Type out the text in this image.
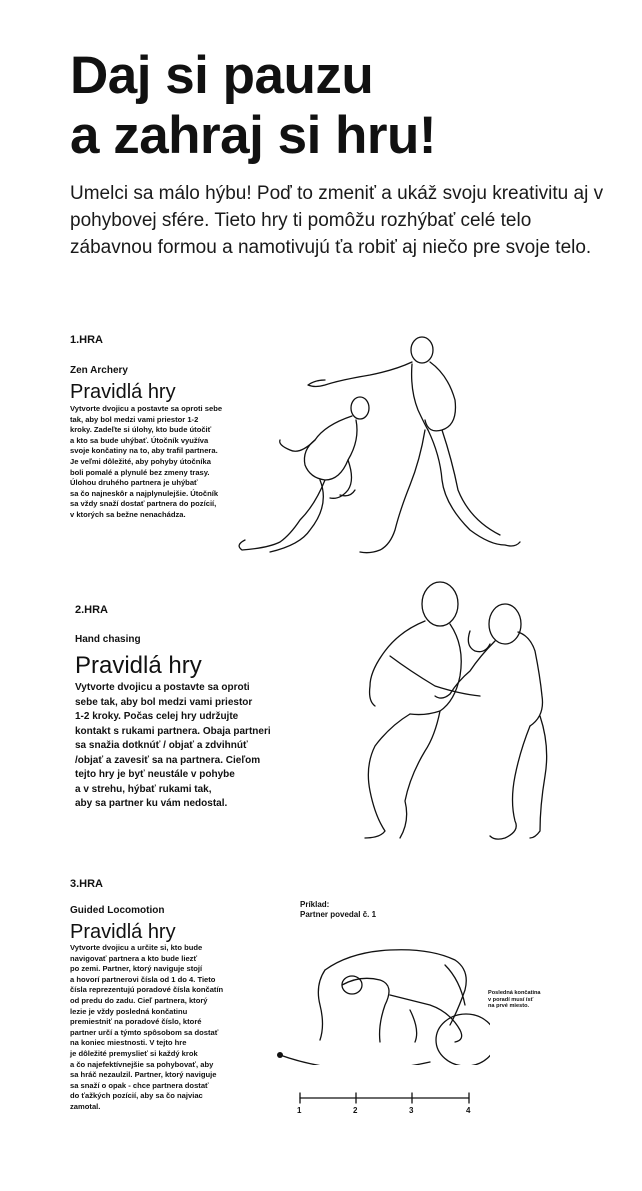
Daj si pauzu
a zahraj si hru!
Umelci sa málo hýbu! Poď to zmeniť a ukáž svoju kreativitu aj v pohybovej sfére. Tieto hry ti pomôžu rozhýbať celé telo zábavnou formou a namotivujú ťa robiť aj niečo pre svoje telo.
1.HRA
Zen Archery
Pravidlá hry
Vytvorte dvojicu a postavte sa oproti sebe
tak, aby bol medzi vami priestor 1-2
kroky. Zadeľte si úlohy, kto bude útočiť
a kto sa bude uhýbať. Útočník využíva
svoje končatiny na to, aby trafil partnera.
Je veľmi dôležité, aby pohyby útočníka
boli pomalé a plynulé bez zmeny trasy.
Úlohou druhého partnera je uhýbať
sa čo najneskôr a najplynulejšie. Útočník
sa vždy snaží dostať partnera do pozícií,
v ktorých sa bežne nenachádza.
2.HRA
Hand chasing
Pravidlá hry
Vytvorte dvojicu a postavte sa oproti
sebe tak, aby bol medzi vami priestor
1-2 kroky. Počas celej hry udržujte
kontakt s rukami partnera. Obaja partneri
sa snažia dotknúť / objať a zdvihnúť
/objať a zavesiť sa na partnera. Cieľom
tejto hry je byť neustále v pohybe
a v strehu, hýbať rukami tak,
aby sa partner ku vám nedostal.
3.HRA
Guided Locomotion
Pravidlá hry
Vytvorte dvojicu a určite si, kto bude
navigovať partnera a kto bude liezť
po zemi. Partner, ktorý naviguje stojí
a hovorí partnerovi čísla od 1 do 4. Tieto
čísla reprezentujú poradové čísla končatín
od predu do zadu. Cieľ partnera, ktorý
lezie je vždy posledná končatinu
premiestniť na poradové číslo, ktoré
partner určí a týmto spôsobom sa dostať
na koniec miestnosti. V tejto hre
je dôležité premyslieť si každý krok
a čo najefektívnejšie sa pohybovať, aby
sa hráč nezaulzil. Partner, ktorý naviguje
sa snaží o opak - chce partnera dostať
do ťažkých pozícií, aby sa čo najviac
zamotal.
Príklad:
Partner povedal č. 1
Posledná končatina
v poradí musí ísť
na prvé miesto.
1	2	3	4
